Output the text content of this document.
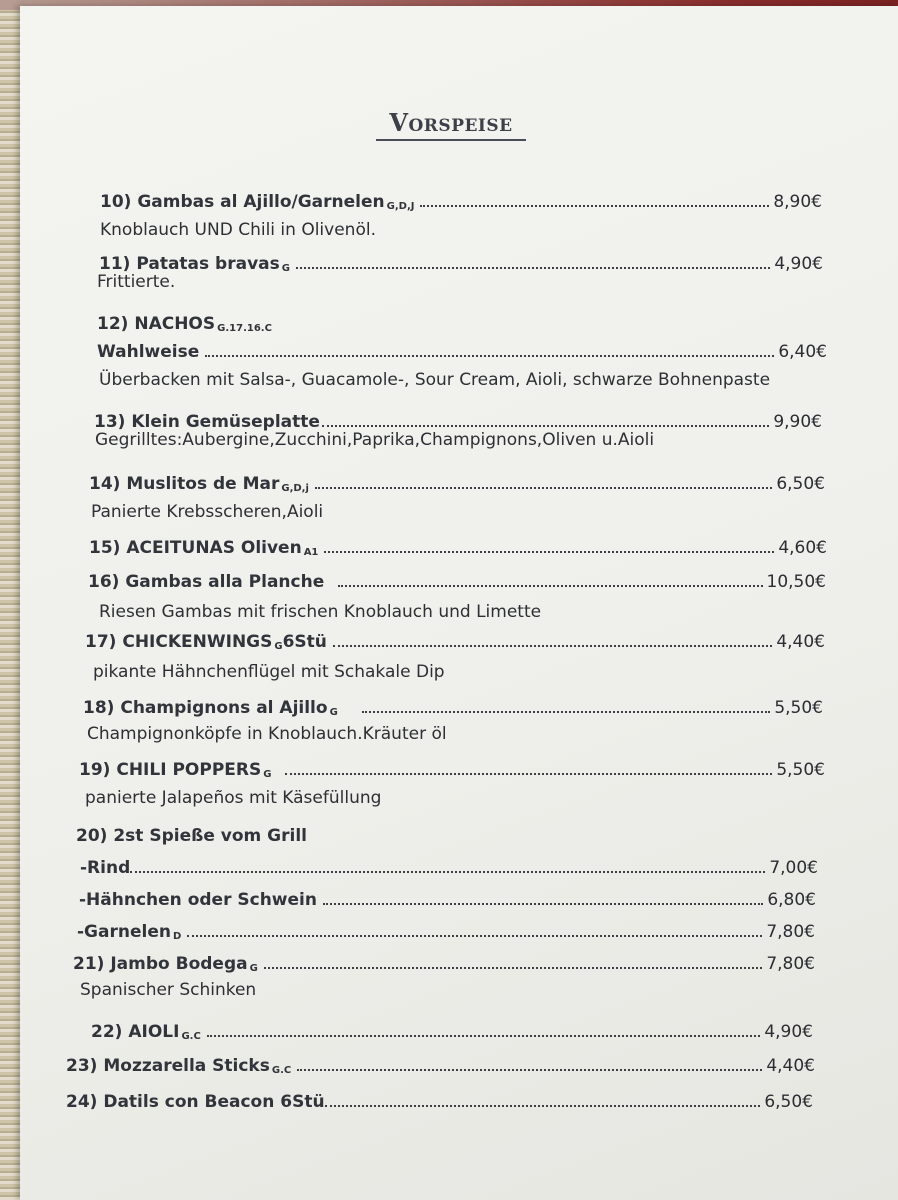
Vorspeise
10) Gambas al Ajillo/Garnelen$_{G,D,J}$	8,90€
Knoblauch UND Chili in Olivenöl.
11) Patatas bravas$_G$	4,90€
Frittierte.
12) $NACHOS_{G.17.16.C}$
Wahlweise	6,40€
Überbacken mit Salsa-, Guacamole-, Sour Cream, Aioli, schwarze Bohnenpaste
13) Klein Gemüseplatte	9,90€
Gegrilltes:Aubergine,Zucchini,Paprika,Champignons,Oliven u.Aioli
14) Muslitos de Mar$_{G,D,j}$	6,50€
Panierte Krebsscheren,Aioli
15) ACEITUNAS Oliven$_{A1}$	4,60€
16) Gambas alla Planche	10,50€
Riesen Gambas mit frischen Knoblauch und Limette
17) $CHICKENWINGS_G$ 6Stü	4,40€
pikante Hähnchenflügel mit Schakale Dip
18) Champignons al Ajillo$_G$	5,50€
Champignonköpfe in Knoblauch.Kräuter öl
19) CHILI $POPPERS_G$	5,50€
panierte Jalapeños mit Käsefüllung
20) 2st Spieße vom Grill
-Rind	7,00€
-Hähnchen oder Schwein	6,80€
-Garnelen$_D$	7,80€
21) Jambo Bodega$_G$	7,80€
Spanischer Schinken
22) $AIOLI_{G.C}$	4,90€
23) Mozzarella Sticks$_{G.C}$	4,40€
24) Datils con Beacon 6Stü	6,50€
